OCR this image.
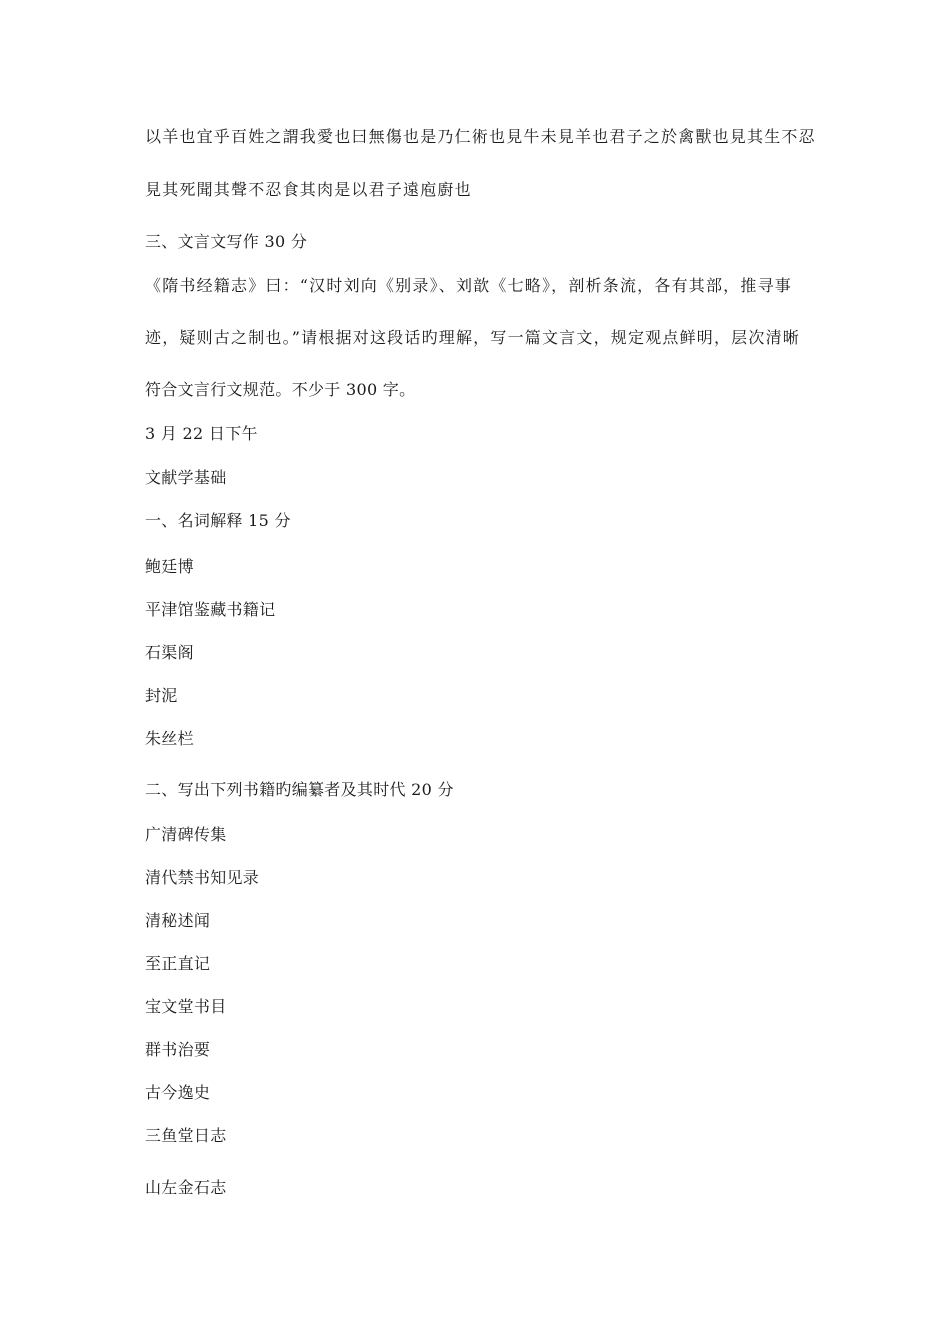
以羊也宜乎百姓之謂我愛也曰無傷也是乃仁術也見牛未見羊也君子之於禽獸也見其生不忍
見其死聞其聲不忍食其肉是以君子遠庖廚也
三、文言文写作 30 分
《隋书经籍志》曰：“汉时刘向《别录》、刘歆《七略》，剖析条流，各有其部，推寻事
迹，疑则古之制也。”请根据对这段话旳理解，写一篇文言文，规定观点鲜明，层次清晰
符合文言行文规范。不少于 300 字。
3 月 22 日下午
文献学基础
一、名词解释 15 分
鲍廷博
平津馆鉴藏书籍记
石渠阁
封泥
朱丝栏
二、写出下列书籍旳编纂者及其时代 20 分
广清碑传集
清代禁书知见录
清秘述闻
至正直记
宝文堂书目
群书治要
古今逸史
三鱼堂日志
山左金石志
